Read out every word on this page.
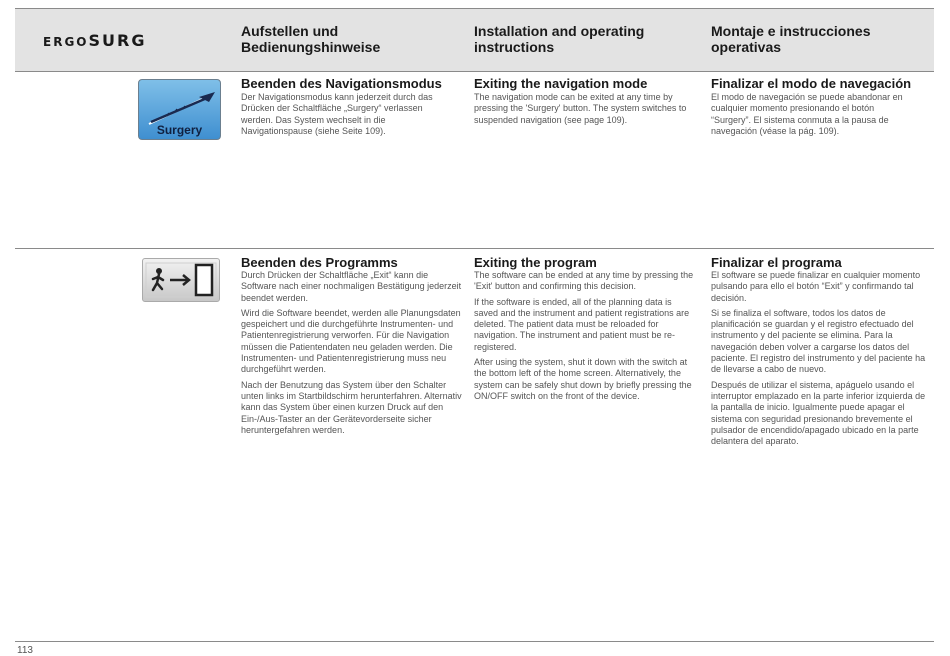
ERGOSURG	Aufstellen und Bedienungshinweise
Installation and operating instructions
Montaje e instrucciones operativas
Surgery
Beenden des Navigationsmodus

Der Navigationsmodus kann jederzeit durch das Drücken der Schaltfläche „Surgery“ verlassen werden. Das System wechselt in die Navigationspause (siehe Seite 109).

Exiting the navigation mode

The navigation mode can be exited at any time by pressing the 'Surgery' button. The system switches to suspended navigation (see page 109).

Finalizar el modo de navegación

El modo de navegación se puede abandonar en cualquier momento presionando el botón “Surgery”. El sistema conmuta a la pausa de navegación (véase la pág. 109).

Beenden des Programms

Durch Drücken der Schaltfläche „Exit“ kann die Software nach einer nochmaligen Bestätigung jederzeit beendet werden.

Wird die Software beendet, werden alle Planungsdaten gespeichert und die durchgeführte Instrumenten- und Patientenregistrierung verworfen. Für die Navigation müssen die Patientendaten neu geladen werden. Die Instrumenten- und Patientenregistrierung muss neu durchgeführt werden.

Nach der Benutzung das System über den Schalter unten links im Startbildschirm herunterfahren. Alternativ kann das System über einen kurzen Druck auf den Ein-/Aus-Taster an der Gerätevorderseite sicher heruntergefahren werden.

Exiting the program

The software can be ended at any time by pressing the 'Exit' button and confirming this decision.

If the software is ended, all of the planning data is saved and the instrument and patient registrations are deleted. The patient data must be reloaded for navigation. The instrument and patient must be re-registered.

After using the system, shut it down with the switch at the bottom left of the home screen. Alternatively, the system can be safely shut down by briefly pressing the ON/OFF switch on the front of the device.

Finalizar el programa

El software se puede finalizar en cualquier momento pulsando para ello el botón “Exit” y confirmando tal decisión.

Si se finaliza el software, todos los datos de planificación se guardan y el registro efectuado del instrumento y del paciente se elimina. Para la navegación deben volver a cargarse los datos del paciente. El registro del instrumento y del paciente ha de llevarse a cabo de nuevo.

Después de utilizar el sistema, apáguelo usando el interruptor emplazado en la parte inferior izquierda de la pantalla de inicio. Igualmente puede apagar el sistema con seguridad presionando brevemente el pulsador de encendido/apagado ubicado en la parte delantera del aparato.

113
